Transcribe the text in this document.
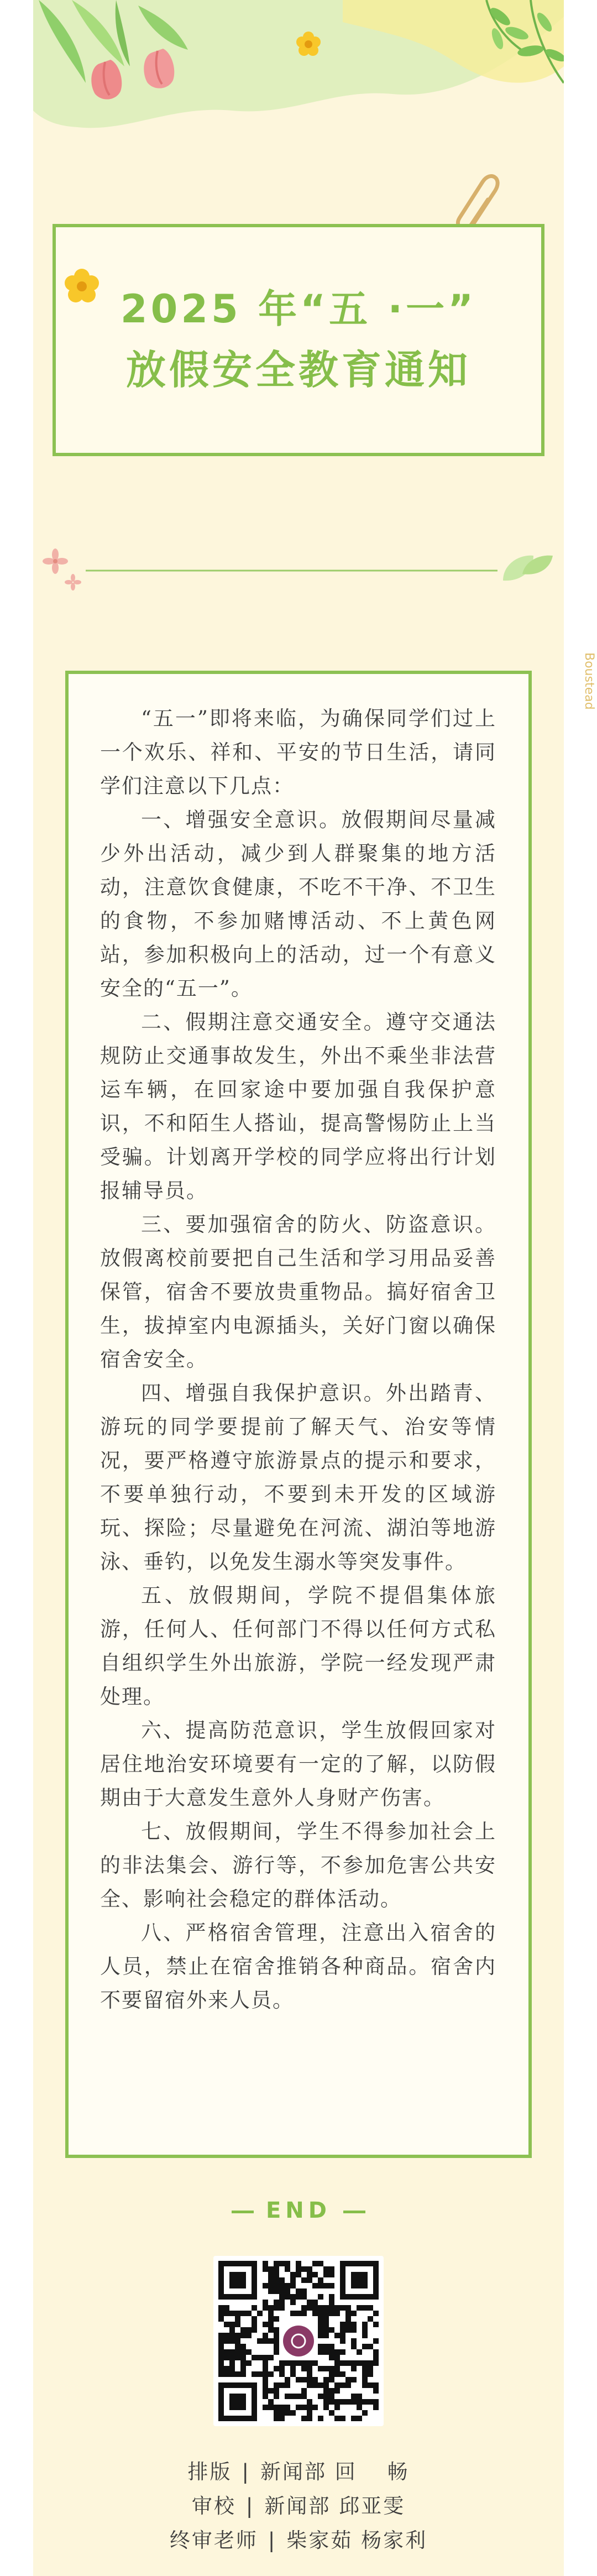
2025 年“五 ·一”
放假安全教育通知

“五一”即将来临，为确保同学们过上一个欢乐、祥和、平安的节日生活，请同学们注意以下几点：

一、增强安全意识。放假期间尽量减少外出活动，减少到人群聚集的地方活动，注意饮食健康，不吃不干净、不卫生的食物，不参加赌博活动、不上黄色网站，参加积极向上的活动，过一个有意义安全的“五一”。

二、假期注意交通安全。遵守交通法规防止交通事故发生，外出不乘坐非法营运车辆，在回家途中要加强自我保护意识，不和陌生人搭讪，提高警惕防止上当受骗。计划离开学校的同学应将出行计划报辅导员。

三、要加强宿舍的防火、防盗意识。放假离校前要把自己生活和学习用品妥善保管，宿舍不要放贵重物品。搞好宿舍卫生，拔掉室内电源插头，关好门窗以确保宿舍安全。

四、增强自我保护意识。外出踏青、游玩的同学要提前了解天气、治安等情况，要严格遵守旅游景点的提示和要求，不要单独行动，不要到未开发的区域游玩、探险；尽量避免在河流、湖泊等地游泳、垂钓，以免发生溺水等突发事件。

五、放假期间，学院不提倡集体旅游，任何人、任何部门不得以任何方式私自组织学生外出旅游，学院一经发现严肃处理。

六、提高防范意识，学生放假回家对居住地治安环境要有一定的了解，以防假期由于大意发生意外人身财产伤害。

七、放假期间，学生不得参加社会上的非法集会、游行等，不参加危害公共安全、影响社会稳定的群体活动。

八、严格宿舍管理，注意出入宿舍的人员，禁止在宿舍推销各种商品。宿舍内不要留宿外来人员。

Boustead
END
排版 | 新闻部 回 　畅
审校 | 新闻部 邱亚雯
终审老师 | 柴家茹 杨家利
